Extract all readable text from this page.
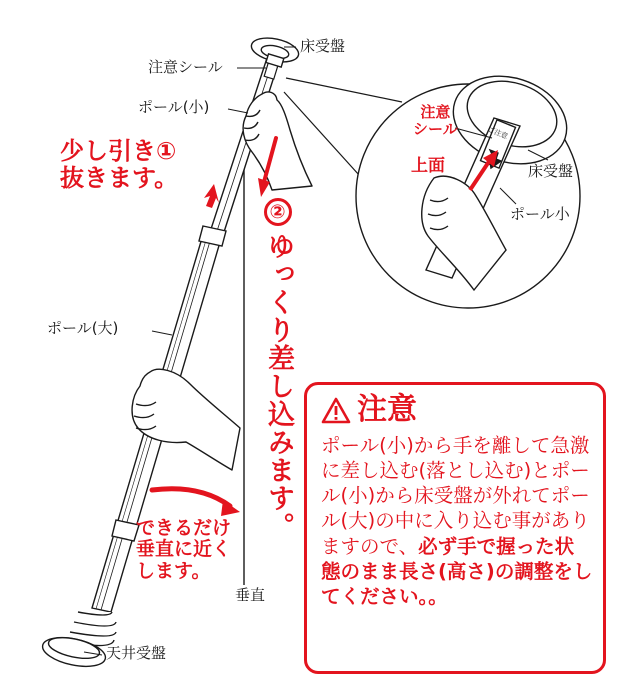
注意シール
床受盤
ポール(小)
ポール(大)
天井受盤
垂直
注意
シール
上面
ご注意
床受盤
ポール小
少し引き①
抜きます。
②ゆっくり差し込みます。
できるだけ
垂直に近く
します。
注意

ポール(小)から手を離して急激に差し込む(落とし込む)とポール(小)から床受盤が外れてポール(大)の中に入り込む事がありますので、必ず手で握った状態のまま長さ(高さ)の調整をしてください。。
